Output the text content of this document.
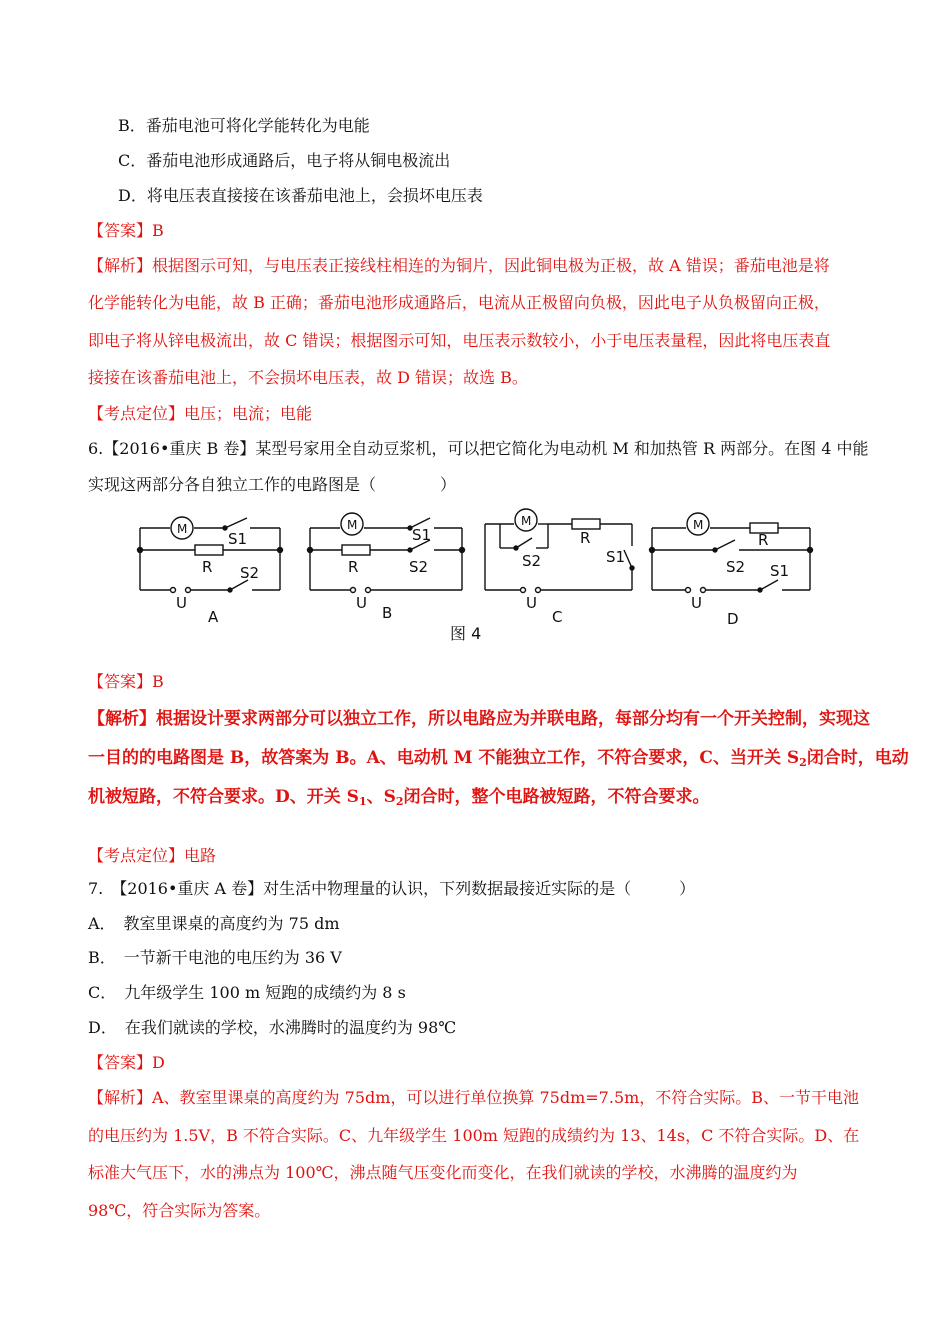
B．番茄电池可将化学能转化为电能
C．番茄电池形成通路后，电子将从铜电极流出
D．将电压表直接接在该番茄电池上，会损坏电压表
【答案】B
【解析】根据图示可知，与电压表正接线柱相连的为铜片，因此铜电极为正极，故 A 错误；番茄电池是将
化学能转化为电能，故 B 正确；番茄电池形成通路后，电流从正极留向负极，因此电子从负极留向正极，
即电子将从锌电极流出，故 C 错误；根据图示可知，电压表示数较小，小于电压表量程，因此将电压表直
接接在该番茄电池上，不会损坏电压表，故 D 错误；故选 B。
【考点定位】电压；电流；电能
6.【2016•重庆 B 卷】某型号家用全自动豆浆机，可以把它简化为电动机 M 和加热管 R 两部分。在图 4 中能
实现这两部分各自独立工作的电路图是（　　　　）
M	M	M	M
R	R
R	R
U	U	U	U
S1
S2
S1
S2	S2	S1
S2 S1
A	B	C	D
图 4
【答案】B
【解析】根据设计要求两部分可以独立工作，所以电路应为并联电路，每部分均有一个开关控制，实现这
一目的的电路图是 B，故答案为 B。A、电动机 M 不能独立工作，不符合要求，C、当开关 $S_2$闭合时，电动
机被短路，不符合要求。D、开关 $S_1$、$S_2$闭合时，整个电路被短路，不符合要求。
【考点定位】电路
7.　【2016•重庆 A 卷】对生活中物理量的认识，下列数据最接近实际的是（　　　）
A．　教室里课桌的高度约为 75 dm
B．　一节新干电池的电压约为 36 V
C．　九年级学生 100 m 短跑的成绩约为 8 s
D．　在我们就读的学校，水沸腾时的温度约为 98℃
【答案】D
【解析】A、教室里课桌的高度约为 75dm，可以进行单位换算 75dm=7.5m，不符合实际。B、一节干电池
的电压约为 1.5V，B 不符合实际。C、九年级学生 100m 短跑的成绩约为 13、14s，C 不符合实际。D、在
标准大气压下，水的沸点为 100℃，沸点随气压变化而变化，在我们就读的学校，水沸腾的温度约为
98℃，符合实际为答案。
